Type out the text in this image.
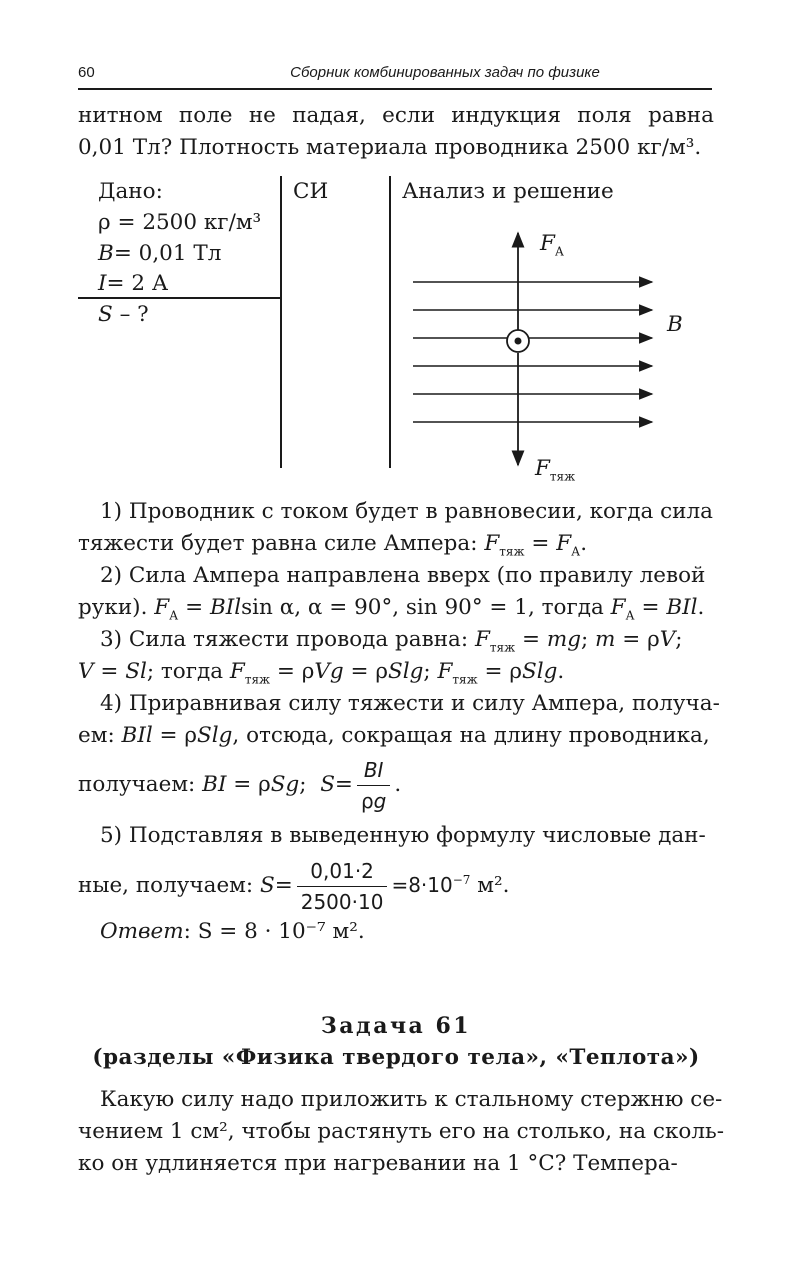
60	Сборник комбинированных задач по физике
нитном поле не падая, если индукция поля равна
0,01 Тл? Плотность материала проводника 2500 кг/м³.
Дано:	СИ	Анализ и решение
ρ = 2500 кг/м³
B= 0,01 Тл
I= 2 А
S – ?
$F_А$
B
$F_{тяж}$
1) Проводник с током будет в равновесии, когда сила
тяжести будет равна силе Ампера: $F_{тяж} = F_А$.
2) Сила Ампера направлена вверх (по правилу левой
руки). $F_А = BIlsin$ α, α = 90°, sin 90° = 1, тогда $F_А$ = BIl.
3) Сила тяжести провода равна: $F_{тяж}$ = mg; m = ρV;
V = Sl; тогда $F_{тяж} = \rho Vg = \rho Slg$; $F_{тяж} = \rho Slg$.
4) Приравнивая силу тяжести и силу Ампера, получа-
ем: BIl = ρSlg, отсюда, сокращая на длину проводника,
получаем: BI = ρSg;  $S= \frac{BI}{\rho g}$ .
5) Подставляя в выведенную формулу числовые дан-
ные, получаем: $S= \frac{0,01\cdot 2}{2500\cdot 10} =8\cdot 10^{-7}$ м².
Ответ: S = 8 · 10⁻⁷ м².
Задача 61
(разделы «Физика твердого тела», «Теплота»)
Какую силу надо приложить к стальному стержню се-
чением 1 см², чтобы растянуть его на столько, на сколь-
ко он удлиняется при нагревании на 1 °С? Темпера-
